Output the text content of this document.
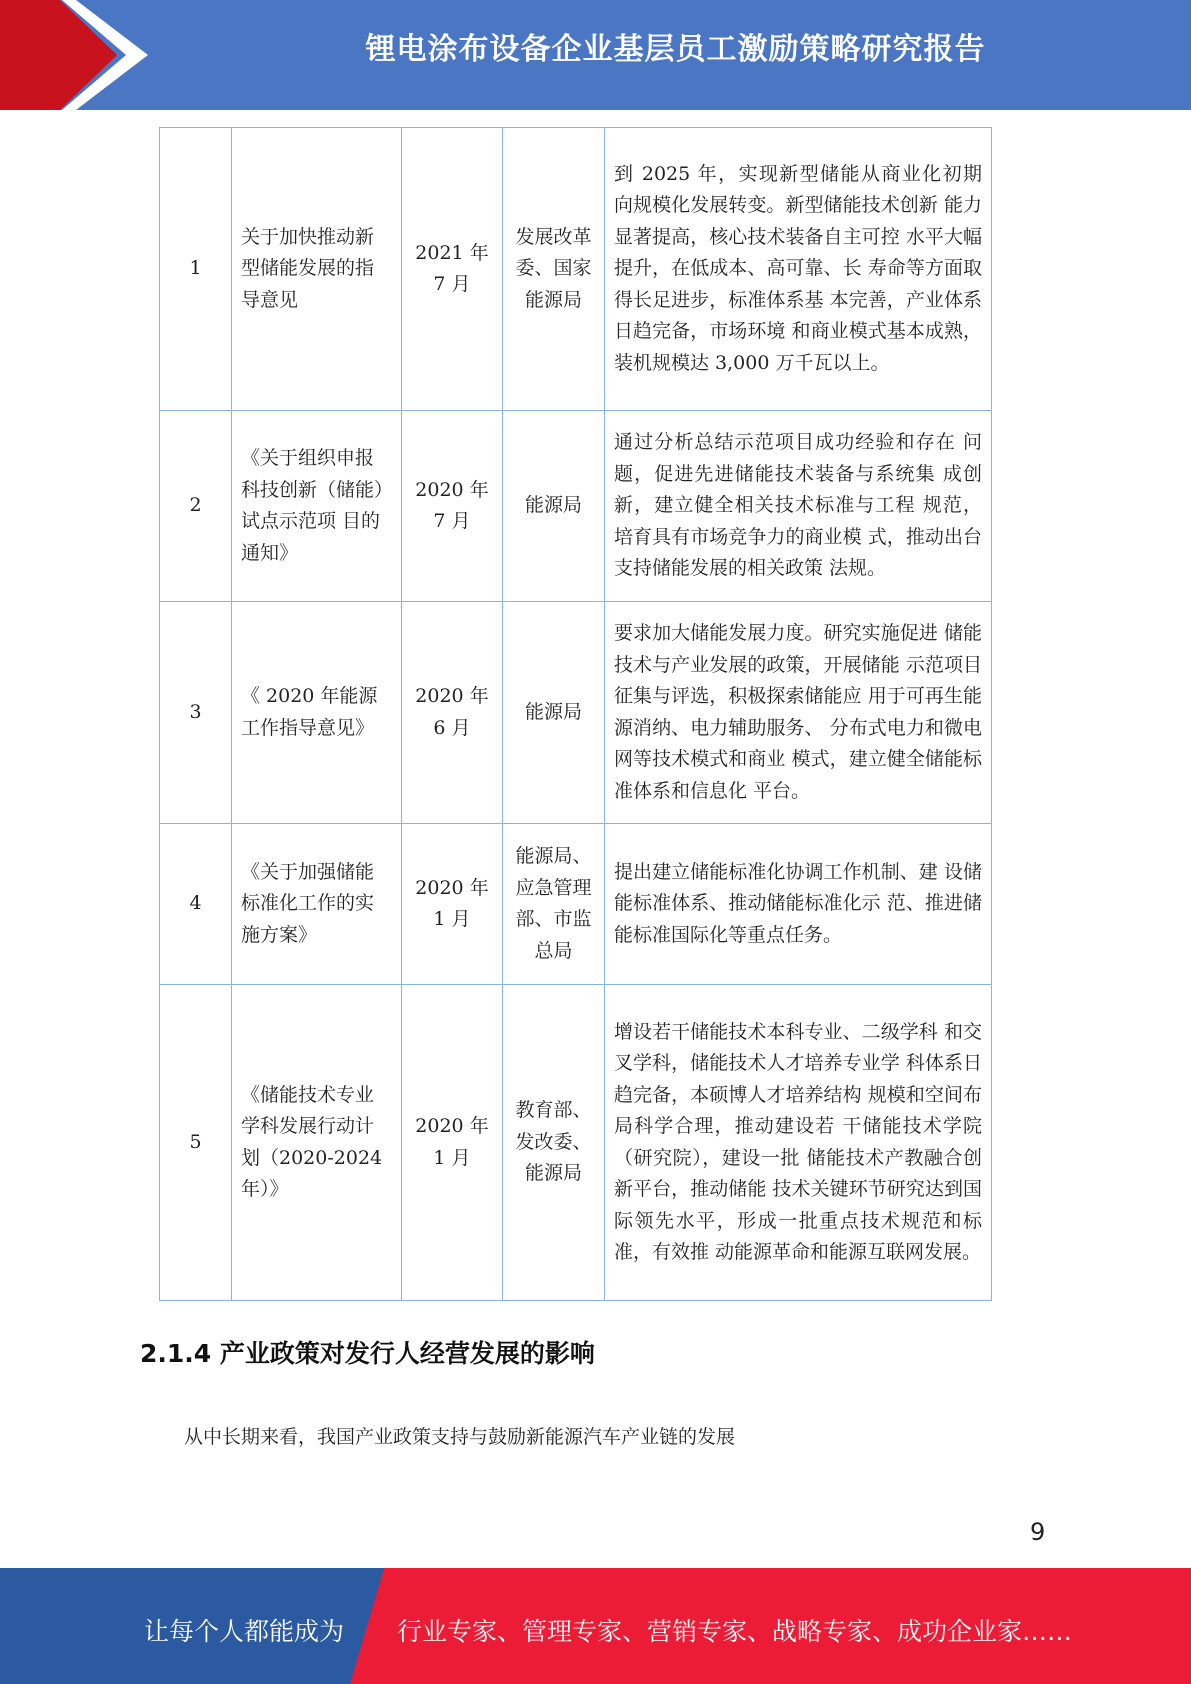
锂电涂布设备企业基层员工激励策略研究报告
1	关于加快推动新 型储能发展的指 导意见	2021 年 7 月	发展改革委、国家能源局	到 2025 年，实现新型储能从商业化初期 向规模化发展转变。新型储能技术创新 能力显著提高，核心技术装备自主可控 水平大幅提升，在低成本、高可靠、长 寿命等方面取得长足进步，标准体系基 本完善，产业体系日趋完备，市场环境 和商业模式基本成熟， 装机规模达 3,000 万千瓦以上。
2	《关于组织申报科技创新（储能）试点示范项 目的通知》	2020 年 7 月	能源局	通过分析总结示范项目成功经验和存在 问题，促进先进储能技术装备与系统集 成创新，建立健全相关技术标准与工程 规范， 培育具有市场竞争力的商业模 式，推动出台支持储能发展的相关政策 法规。
3	《 2020 年能源工作指导意见》	2020 年 6 月	能源局	要求加大储能发展力度。研究实施促进 储能技术与产业发展的政策，开展储能 示范项目征集与评选，积极探索储能应 用于可再生能源消纳、电力辅助服务、 分布式电力和微电网等技术模式和商业 模式，建立健全储能标准体系和信息化 平台。
4	《关于加强储能标准化工作的实 施方案》	2020 年 1 月	能源局、应急管理部、市监总局	提出建立储能标准化协调工作机制、建 设储能标准体系、推动储能标准化示 范、推进储能标准国际化等重点任务。
5	《储能技术专业学科发展行动计划（2020-2024 年）》	2020 年 1 月	教育部、发改委、能源局	增设若干储能技术本科专业、二级学科 和交叉学科，储能技术人才培养专业学 科体系日趋完备，本硕博人才培养结构 规模和空间布局科学合理，推动建设若 干储能技术学院（研究院），建设一批 储能技术产教融合创新平台，推动储能 技术关键环节研究达到国际领先水平，形成一批重点技术规范和标准，有效推 动能源革命和能源互联网发展。
2.1.4 产业政策对发行人经营发展的影响
从中长期来看，我国产业政策支持与鼓励新能源汽车产业链的发展
9
让每个人都能成为 行业专家、管理专家、营销专家、战略专家、成功企业家……
